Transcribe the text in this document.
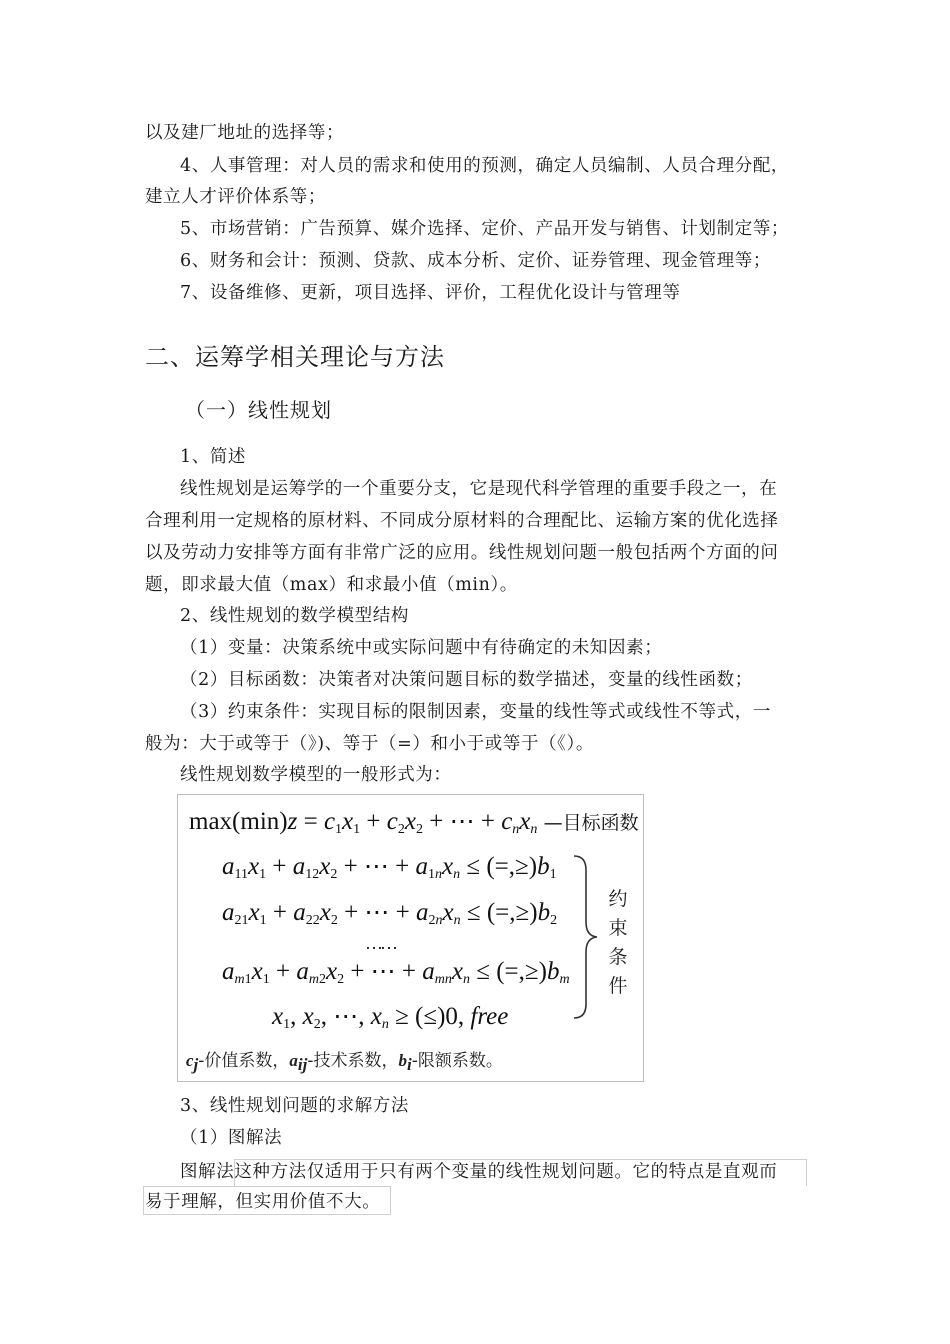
以及建厂地址的选择等；
4、人事管理：对人员的需求和使用的预测，确定人员编制、人员合理分配，
建立人才评价体系等；
5、市场营销：广告预算、媒介选择、定价、产品开发与销售、计划制定等；
6、财务和会计：预测、贷款、成本分析、定价、证券管理、现金管理等；
7、设备维修、更新，项目选择、评价，工程优化设计与管理等
二、运筹学相关理论与方法
（一）线性规划
1、简述
线性规划是运筹学的一个重要分支，它是现代科学管理的重要手段之一，在
合理利用一定规格的原材料、不同成分原材料的合理配比、运输方案的优化选择
以及劳动力安排等方面有非常广泛的应用。线性规划问题一般包括两个方面的问
题，即求最大值（max）和求最小值（min）。
2、线性规划的数学模型结构
（1）变量：决策系统中或实际问题中有待确定的未知因素；
（2）目标函数：决策者对决策问题目标的数学描述，变量的线性函数；
（3）约束条件：实现目标的限制因素，变量的线性等式或线性不等式，一
般为：大于或等于（》)、等于（=）和小于或等于（《）。
线性规划数学模型的一般形式为：
$\max(\min)z = c_1x_1 + c_2x_2$ + ⋯ + $c_nx_n$ —目标函数
$a_{11}x_1 + a_{12}x_2$ + ⋯ + $a_{1n}x_n \le (=,\ge)b_1$
$a_{21}x_1 + a_{22}x_2$ + ⋯ + $a_{2n}x_n \le (=,\ge)b_2$
……
$a_{m1}x_1 + a_{m2}x_2$ + ⋯ + $a_{mn}x_n \le (=,\ge)b_m$
$x_1$, $x_2$, ⋯, $x_n \ge (\le)0$, free
约
束
条
件
$c_j-$价值系数，$a_{ij}-$技术系数，$b_i-$限额系数。
3、线性规划问题的求解方法
（1）图解法
图解法这种方法仅适用于只有两个变量的线性规划问题。它的特点是直观而
易于理解，但实用价值不大。
